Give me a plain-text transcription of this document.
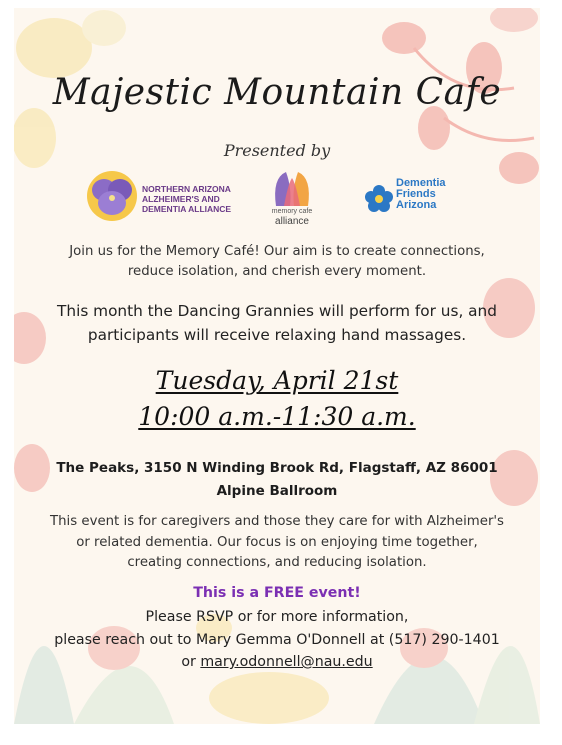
Majestic Mountain Cafe
Presented by
NORTHERN ARIZONA
ALZHEIMER'S AND
DEMENTIA ALLIANCE	memory cafe
alliance
Dementia
Friends
Arizona
Join us for the Memory Café! Our aim is to create connections,
reduce isolation, and cherish every moment.
This month the Dancing Grannies will perform for us, and
participants will receive relaxing hand massages.
Tuesday, April 21st
10:00 a.m.-11:30 a.m.
The Peaks, 3150 N Winding Brook Rd, Flagstaff, AZ 86001
Alpine Ballroom
This event is for caregivers and those they care for with Alzheimer's
or related dementia. Our focus is on enjoying time together,
creating connections, and reducing isolation.
This is a FREE event!
Please RSVP or for more information,
please reach out to Mary Gemma O'Donnell at (517) 290-1401
or mary.odonnell@nau.edu
